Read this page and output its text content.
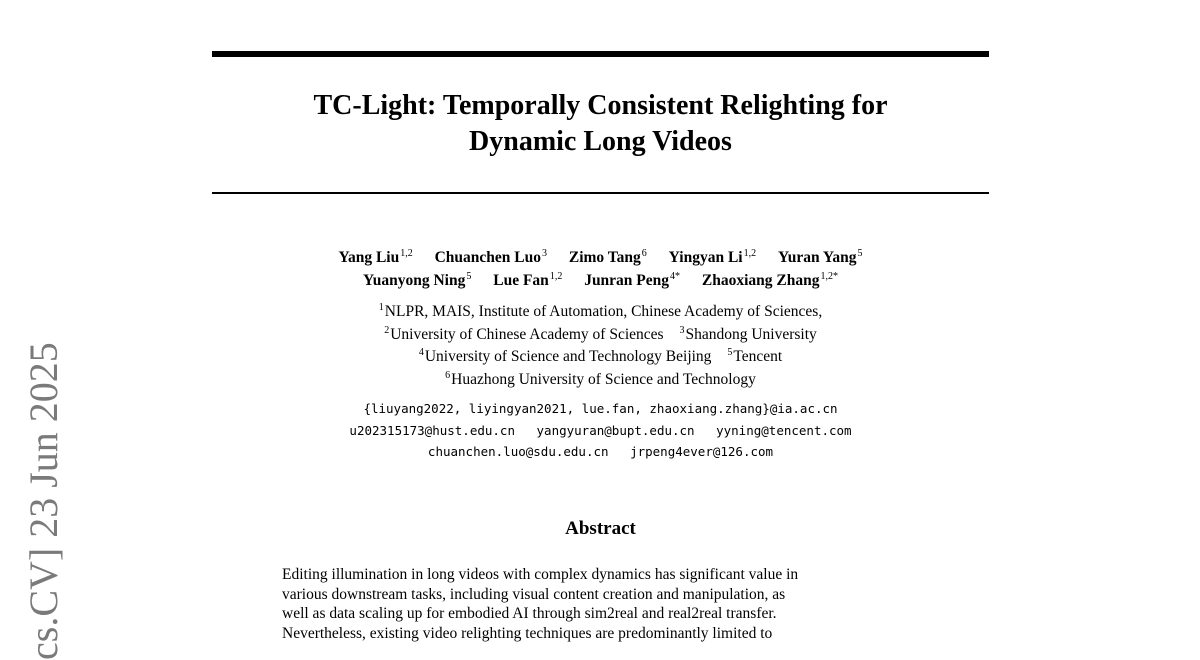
TC-Light: Temporally Consistent Relighting for
Dynamic Long Videos
Yang Liu$^{1,2}$ Chuanchen Luo$^3$ Zimo Tang$^6$ Yingyan Li$^{1,2}$ Yuran Yang$^5$
Yuanyong Ning$^5$ Lue Fan$^{1,2}$ Junran Peng$^{4*}$ Zhaoxiang Zhang$^{1,2*}$
$^1$NLPR, MAIS, Institute of Automation, Chinese Academy of Sciences,
$^2$University of Chinese Academy of Sciences $^3$Shandong University
$^4$University of Science and Technology Beijing $^5$Tencent
$^6$Huazhong University of Science and Technology
{liuyang2022, liyingyan2021, lue.fan, zhaoxiang.zhang}@ia.ac.cn
u202315173@hust.edu.cn yangyuran@bupt.edu.cn yyning@tencent.com
chuanchen.luo@sdu.edu.cn jrpeng4ever@126.com
Abstract

Editing illumination in long videos with complex dynamics has significant value in
various downstream tasks, including visual content creation and manipulation, as
well as data scaling up for embodied AI through sim2real and real2real transfer.
Nevertheless, existing video relighting techniques are predominantly limited to

cs.CV] 23 Jun 2025
